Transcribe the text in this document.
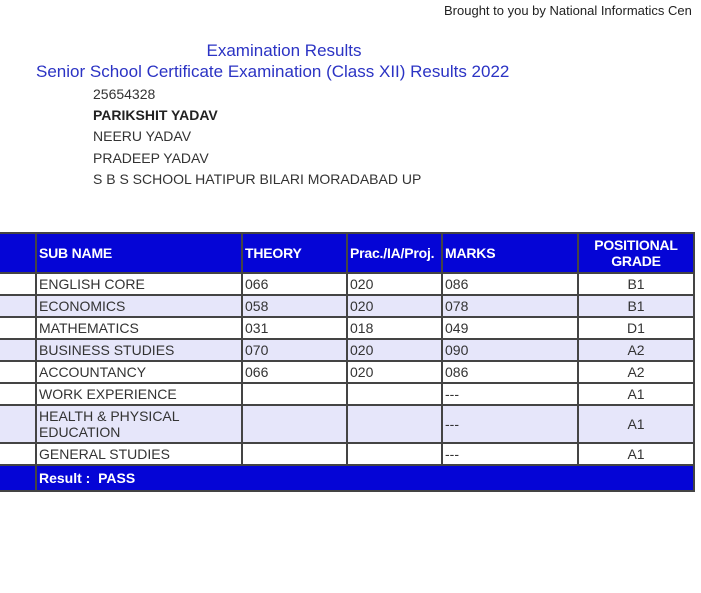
Brought to you by National Informatics Cen
Examination Results
Senior School Certificate Examination (Class XII) Results 2022
25654328
PARIKSHIT YADAV
NEERU YADAV
PRADEEP YADAV
S B S SCHOOL HATIPUR BILARI MORADABAD UP
	SUB NAME	THEORY	Prac./IA/Proj.	MARKS	POSITIONAL
GRADE
	ENGLISH CORE	066	020	086	B1
	ECONOMICS	058	020	078	B1
	MATHEMATICS	031	018	049	D1
	BUSINESS STUDIES	070	020	090	A2
	ACCOUNTANCY	066	020	086	A2
	WORK EXPERIENCE			---	A1
	HEALTH & PHYSICAL EDUCATION			---	A1
	GENERAL STUDIES			---	A1
	Result : PASS				
